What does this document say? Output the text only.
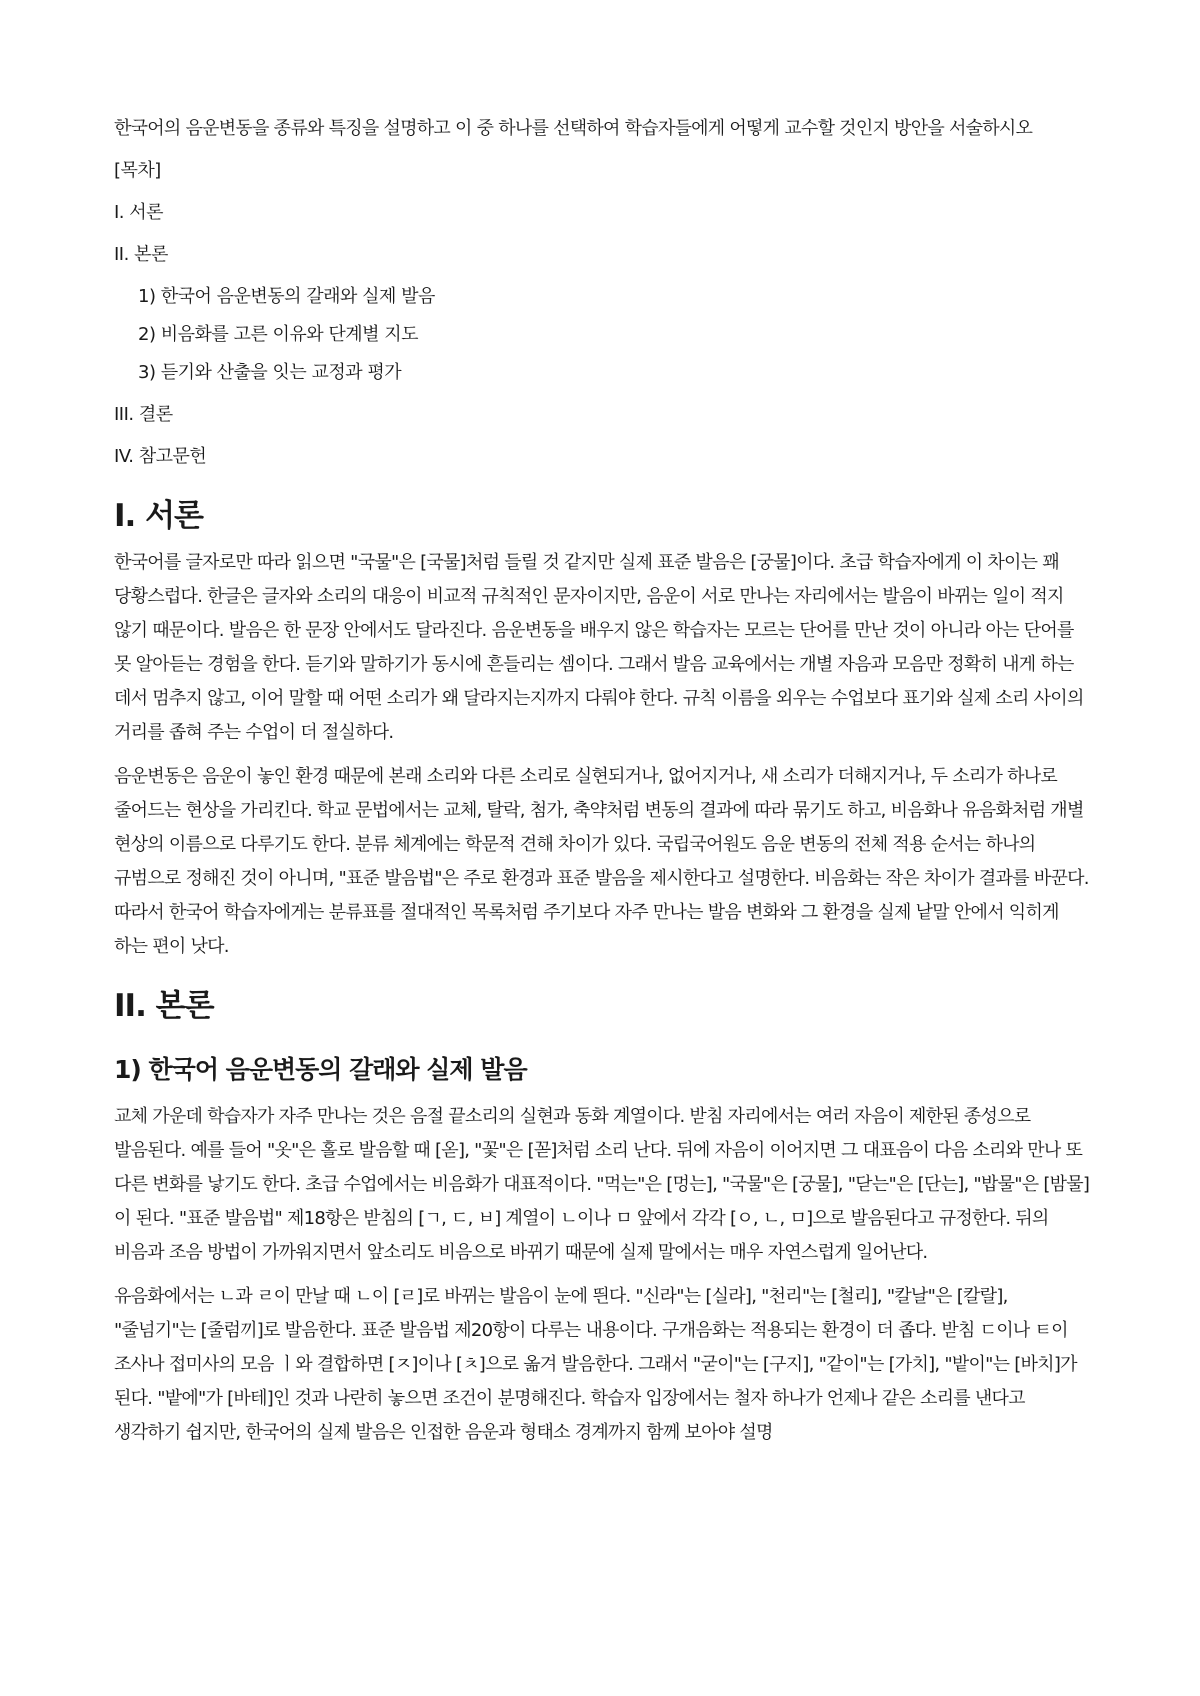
한국어의 음운변동을 종류와 특징을 설명하고 이 중 하나를 선택하여 학습자들에게 어떻게 교수할 것인지 방안을 서술하시오

[목차]

I. 서론
II. 본론
1) 한국어 음운변동의 갈래와 실제 발음
2) 비음화를 고른 이유와 단계별 지도
3) 듣기와 산출을 잇는 교정과 평가
III. 결론
IV. 참고문헌
I. 서론

한국어를 글자로만 따라 읽으면 "국물"은 [국물]처럼 들릴 것 같지만 실제 표준 발음은 [궁물]이다. 초급 학습자에게 이 차이는 꽤 당황스럽다. 한글은 글자와 소리의 대응이 비교적 규칙적인 문자이지만, 음운이 서로 만나는 자리에서는 발음이 바뀌는 일이 적지 않기 때문이다. 발음은 한 문장 안에서도 달라진다. 음운변동을 배우지 않은 학습자는 모르는 단어를 만난 것이 아니라 아는 단어를 못 알아듣는 경험을 한다. 듣기와 말하기가 동시에 흔들리는 셈이다. 그래서 발음 교육에서는 개별 자음과 모음만 정확히 내게 하는 데서 멈추지 않고, 이어 말할 때 어떤 소리가 왜 달라지는지까지 다뤄야 한다. 규칙 이름을 외우는 수업보다 표기와 실제 소리 사이의 거리를 좁혀 주는 수업이 더 절실하다.

음운변동은 음운이 놓인 환경 때문에 본래 소리와 다른 소리로 실현되거나, 없어지거나, 새 소리가 더해지거나, 두 소리가 하나로 줄어드는 현상을 가리킨다. 학교 문법에서는 교체, 탈락, 첨가, 축약처럼 변동의 결과에 따라 묶기도 하고, 비음화나 유음화처럼 개별 현상의 이름으로 다루기도 한다. 분류 체계에는 학문적 견해 차이가 있다. 국립국어원도 음운 변동의 전체 적용 순서는 하나의 규범으로 정해진 것이 아니며, "표준 발음법"은 주로 환경과 표준 발음을 제시한다고 설명한다. 비음화는 작은 차이가 결과를 바꾼다. 따라서 한국어 학습자에게는 분류표를 절대적인 목록처럼 주기보다 자주 만나는 발음 변화와 그 환경을 실제 낱말 안에서 익히게 하는 편이 낫다.

II. 본론
1) 한국어 음운변동의 갈래와 실제 발음

교체 가운데 학습자가 자주 만나는 것은 음절 끝소리의 실현과 동화 계열이다. 받침 자리에서는 여러 자음이 제한된 종성으로 발음된다. 예를 들어 "옷"은 홀로 발음할 때 [옫], "꽃"은 [꼳]처럼 소리 난다. 뒤에 자음이 이어지면 그 대표음이 다음 소리와 만나 또 다른 변화를 낳기도 한다. 초급 수업에서는 비음화가 대표적이다. "먹는"은 [멍는], "국물"은 [궁물], "닫는"은 [단는], "밥물"은 [밤물]이 된다. "표준 발음법" 제18항은 받침의 [ㄱ, ㄷ, ㅂ] 계열이 ㄴ이나 ㅁ 앞에서 각각 [ㅇ, ㄴ, ㅁ]으로 발음된다고 규정한다. 뒤의 비음과 조음 방법이 가까워지면서 앞소리도 비음으로 바뀌기 때문에 실제 말에서는 매우 자연스럽게 일어난다.

유음화에서는 ㄴ과 ㄹ이 만날 때 ㄴ이 [ㄹ]로 바뀌는 발음이 눈에 띈다. "신라"는 [실라], "천리"는 [철리], "칼날"은 [칼랄], "줄넘기"는 [줄럼끼]로 발음한다. 표준 발음법 제20항이 다루는 내용이다. 구개음화는 적용되는 환경이 더 좁다. 받침 ㄷ이나 ㅌ이 조사나 접미사의 모음 ㅣ와 결합하면 [ㅈ]이나 [ㅊ]으로 옮겨 발음한다. 그래서 "굳이"는 [구지], "같이"는 [가치], "밭이"는 [바치]가 된다. "밭에"가 [바테]인 것과 나란히 놓으면 조건이 분명해진다. 학습자 입장에서는 철자 하나가 언제나 같은 소리를 낸다고 생각하기 쉽지만, 한국어의 실제 발음은 인접한 음운과 형태소 경계까지 함께 보아야 설명
